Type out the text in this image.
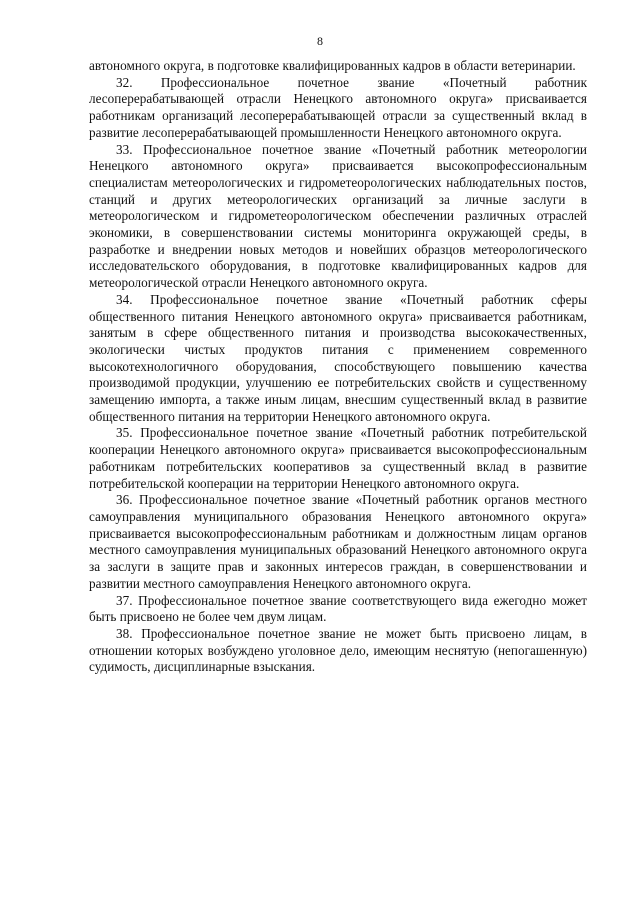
8

автономного округа, в подготовке квалифицированных кадров в области ветеринарии.

32. Профессиональное почетное звание «Почетный работник лесоперерабатывающей отрасли Ненецкого автономного округа» присваивается работникам организаций лесоперерабатывающей отрасли за существенный вклад в развитие лесоперерабатывающей промышленности Ненецкого автономного округа.

33. Профессиональное почетное звание «Почетный работник метеорологии Ненецкого автономного округа» присваивается высокопрофессиональным специалистам метеорологических и гидрометеорологических наблюдательных постов, станций и других метеорологических организаций за личные заслуги в метеорологическом и гидрометеорологическом обеспечении различных отраслей экономики, в совершенствовании системы мониторинга окружающей среды, в разработке и внедрении новых методов и новейших образцов метеорологического исследовательского оборудования, в подготовке квалифицированных кадров для метеорологической отрасли Ненецкого автономного округа.

34. Профессиональное почетное звание «Почетный работник сферы общественного питания Ненецкого автономного округа» присваивается работникам, занятым в сфере общественного питания и производства высококачественных, экологически чистых продуктов питания с применением современного высокотехнологичного оборудования, способствующего повышению качества производимой продукции, улучшению ее потребительских свойств и существенному замещению импорта, а также иным лицам, внесшим существенный вклад в развитие общественного питания на территории Ненецкого автономного округа.

35. Профессиональное почетное звание «Почетный работник потребительской кооперации Ненецкого автономного округа» присваивается высокопрофессиональным работникам потребительских кооперативов за существенный вклад в развитие потребительской кооперации на территории Ненецкого автономного округа.

36. Профессиональное почетное звание «Почетный работник органов местного самоуправления муниципального образования Ненецкого автономного округа» присваивается высокопрофессиональным работникам и должностным лицам органов местного самоуправления муниципальных образований Ненецкого автономного округа за заслуги в защите прав и законных интересов граждан, в совершенствовании и развитии местного самоуправления Ненецкого автономного округа.

37. Профессиональное почетное звание соответствующего вида ежегодно может быть присвоено не более чем двум лицам.

38. Профессиональное почетное звание не может быть присвоено лицам, в отношении которых возбуждено уголовное дело, имеющим неснятую (непогашенную) судимость, дисциплинарные взыскания.
